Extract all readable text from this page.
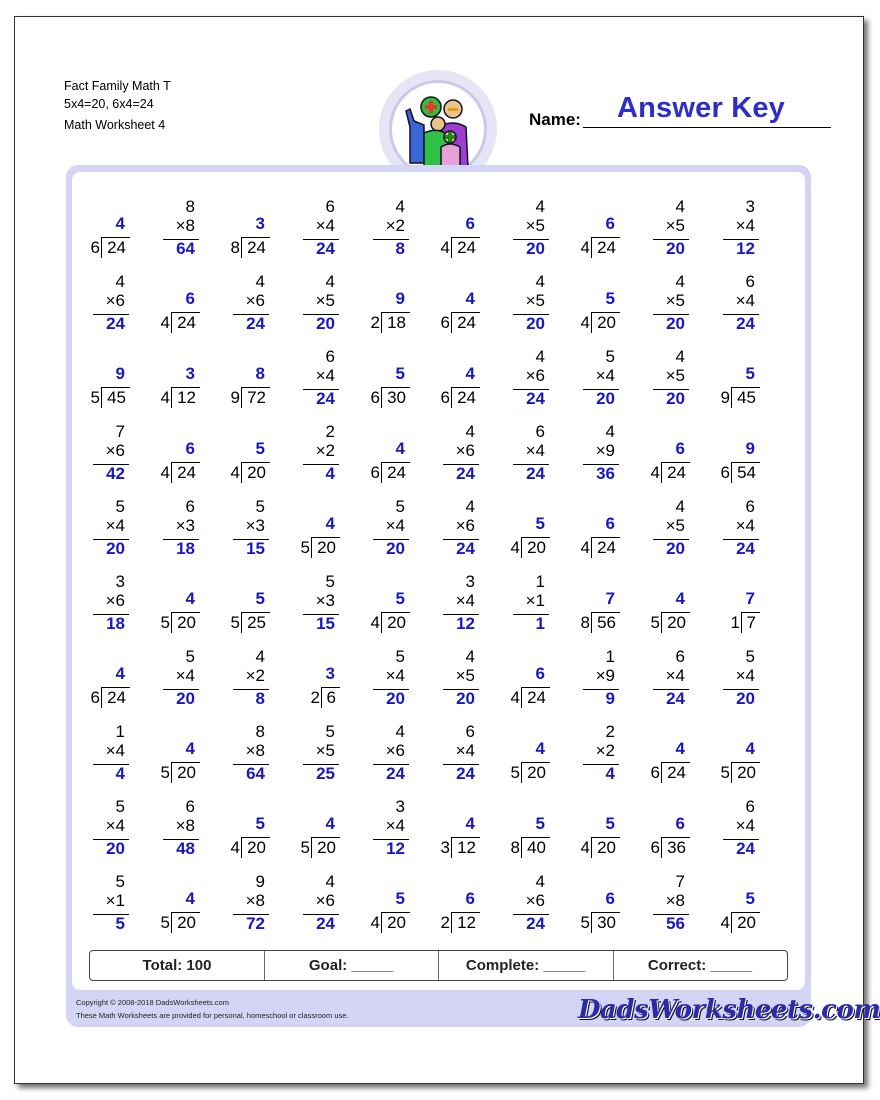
Fact Family Math T
5x4=20, 6x4=24
Math Worksheet 4	Name:	Answer Key
4
6 24
8
×8
64
3
8 24
6
×4
24
4
×2
8
6
4 24
4
×5
20
6
4 24
4
×5
20
3
×4
12
4
×6
24
6
4 24
4
×6
24
4
×5
20
9
2 18
4
6 24
4
×5
20
5
4 20
4
×5
20
6
×4
24
9
5 45
3
4 12
8
9 72
6
×4
24
5
6 30
4
6 24
4
×6
24
5
×4
20
4
×5
20
5
9 45
7
×6
42
6
4 24
5
4 20
2
×2
4
4
6 24
4
×6
24
6
×4
24
4
×9
36
6
4 24
9
6 54
5
×4
20
6
×3
18
5
×3
15
4
5 20
5
×4
20
4
×6
24
5
4 20
6
4 24
4
×5
20
6
×4
24
3
×6
18
4
5 20
5
5 25
5
×3
15
5
4 20
3
×4
12
1
×1
1
7
8 56
4
5 20
7
1 7
4
6 24
5
×4
20
4
×2
8
3
2 6
5
×4
20
4
×5
20
6
4 24
1
×9
9
6
×4
24
5
×4
20
1
×4
4
4
5 20
8
×8
64
5
×5
25
4
×6
24
6
×4
24
4
5 20
2
×2
4
4
6 24
4
5 20
5
×4
20
6
×8
48
5
4 20
4
5 20
3
×4
12
4
3 12
5
8 40
5
4 20
6
6 36
6
×4
24
5
×1
5
4
5 20
9
×8
72
4
×6
24
5
4 20
6
2 12
4
×6
24
6
5 30
7
×8
56
5
4 20
Total: 100	Goal: _____	Complete: _____	Correct: _____
Copyright © 2008-2018 DadsWorksheets.com
These Math Worksheets are provided for personal, homeschool or classroom use.	DadsWorksheets.com
